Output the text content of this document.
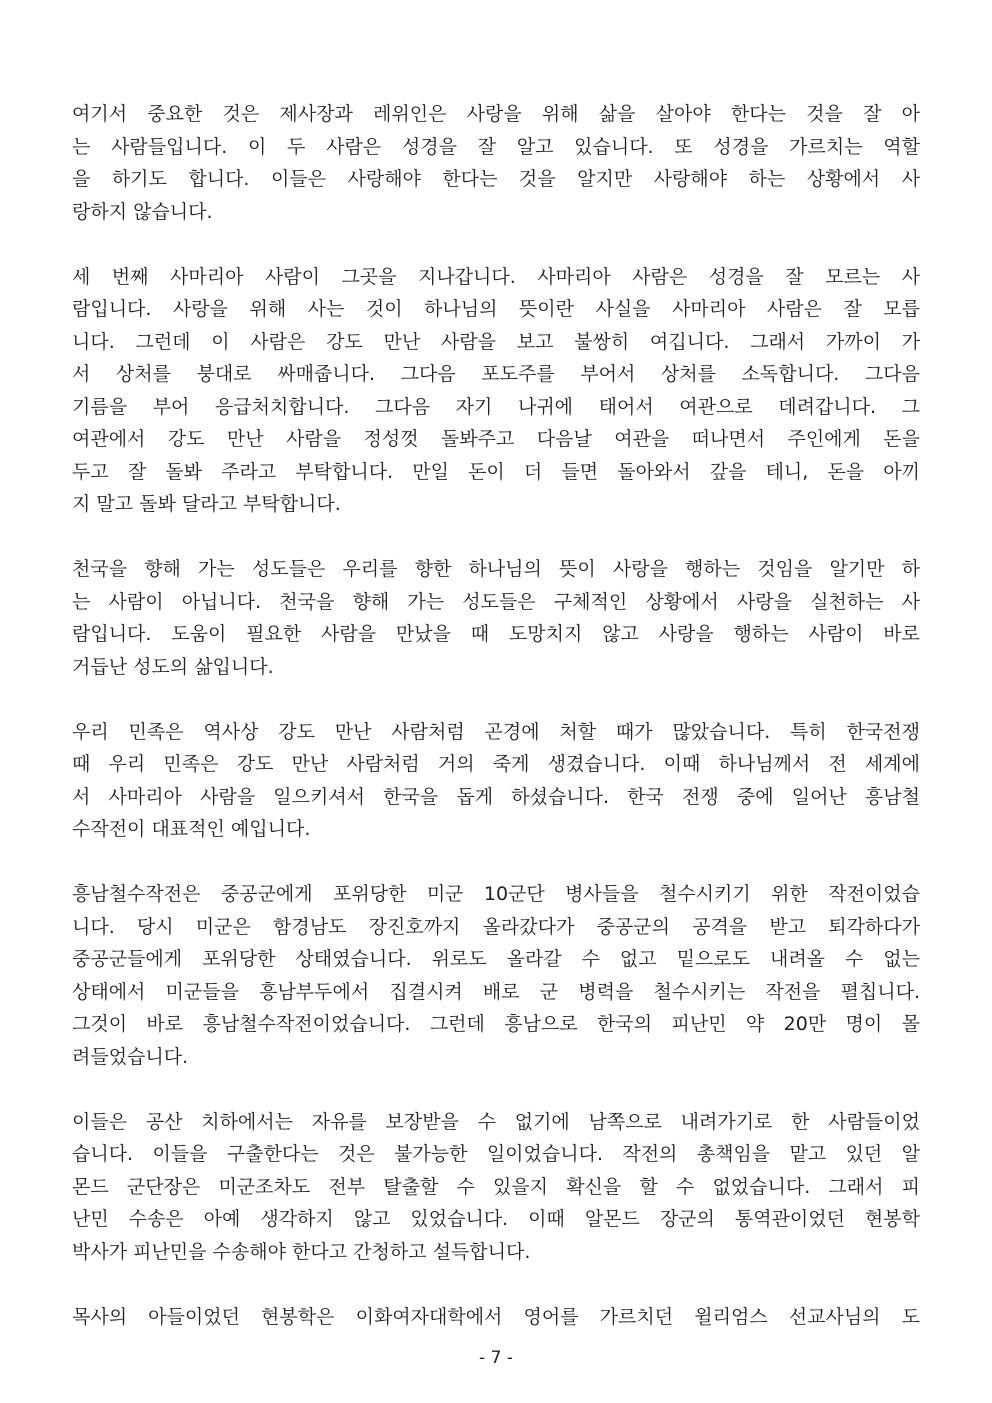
여기서 중요한 것은 제사장과 레위인은 사랑을 위해 삶을 살아야 한다는 것을 잘 아
는 사람들입니다. 이 두 사람은 성경을 잘 알고 있습니다. 또 성경을 가르치는 역할
을 하기도 합니다. 이들은 사랑해야 한다는 것을 알지만 사랑해야 하는 상황에서 사
랑하지 않습니다.
세 번째 사마리아 사람이 그곳을 지나갑니다. 사마리아 사람은 성경을 잘 모르는 사
람입니다. 사랑을 위해 사는 것이 하나님의 뜻이란 사실을 사마리아 사람은 잘 모릅
니다. 그런데 이 사람은 강도 만난 사람을 보고 불쌍히 여깁니다. 그래서 가까이 가
서 상처를 붕대로 싸매줍니다. 그다음 포도주를 부어서 상처를 소독합니다. 그다음
기름을 부어 응급처치합니다. 그다음 자기 나귀에 태어서 여관으로 데려갑니다. 그
여관에서 강도 만난 사람을 정성껏 돌봐주고 다음날 여관을 떠나면서 주인에게 돈을
두고 잘 돌봐 주라고 부탁합니다. 만일 돈이 더 들면 돌아와서 갚을 테니, 돈을 아끼
지 말고 돌봐 달라고 부탁합니다.
천국을 향해 가는 성도들은 우리를 향한 하나님의 뜻이 사랑을 행하는 것임을 알기만 하
는 사람이 아닙니다. 천국을 향해 가는 성도들은 구체적인 상황에서 사랑을 실천하는 사
람입니다. 도움이 필요한 사람을 만났을 때 도망치지 않고 사랑을 행하는 사람이 바로
거듭난 성도의 삶입니다.
우리 민족은 역사상 강도 만난 사람처럼 곤경에 처할 때가 많았습니다. 특히 한국전쟁
때 우리 민족은 강도 만난 사람처럼 거의 죽게 생겼습니다. 이때 하나님께서 전 세계에
서 사마리아 사람을 일으키셔서 한국을 돕게 하셨습니다. 한국 전쟁 중에 일어난 흥남철
수작전이 대표적인 예입니다.
흥남철수작전은 중공군에게 포위당한 미군 10군단 병사들을 철수시키기 위한 작전이었습
니다. 당시 미군은 함경남도 장진호까지 올라갔다가 중공군의 공격을 받고 퇴각하다가
중공군들에게 포위당한 상태였습니다. 위로도 올라갈 수 없고 밑으로도 내려올 수 없는
상태에서 미군들을 흥남부두에서 집결시켜 배로 군 병력을 철수시키는 작전을 펼칩니다.
그것이 바로 흥남철수작전이었습니다. 그런데 흥남으로 한국의 피난민 약 20만 명이 몰
려들었습니다.
이들은 공산 치하에서는 자유를 보장받을 수 없기에 남쪽으로 내려가기로 한 사람들이었
습니다. 이들을 구출한다는 것은 불가능한 일이었습니다. 작전의 총책임을 맡고 있던 알
몬드 군단장은 미군조차도 전부 탈출할 수 있을지 확신을 할 수 없었습니다. 그래서 피
난민 수송은 아예 생각하지 않고 있었습니다. 이때 알몬드 장군의 통역관이었던 현봉학
박사가 피난민을 수송해야 한다고 간청하고 설득합니다.
목사의 아들이었던 현봉학은 이화여자대학에서 영어를 가르치던 윌리엄스 선교사님의 도
- 7 -
